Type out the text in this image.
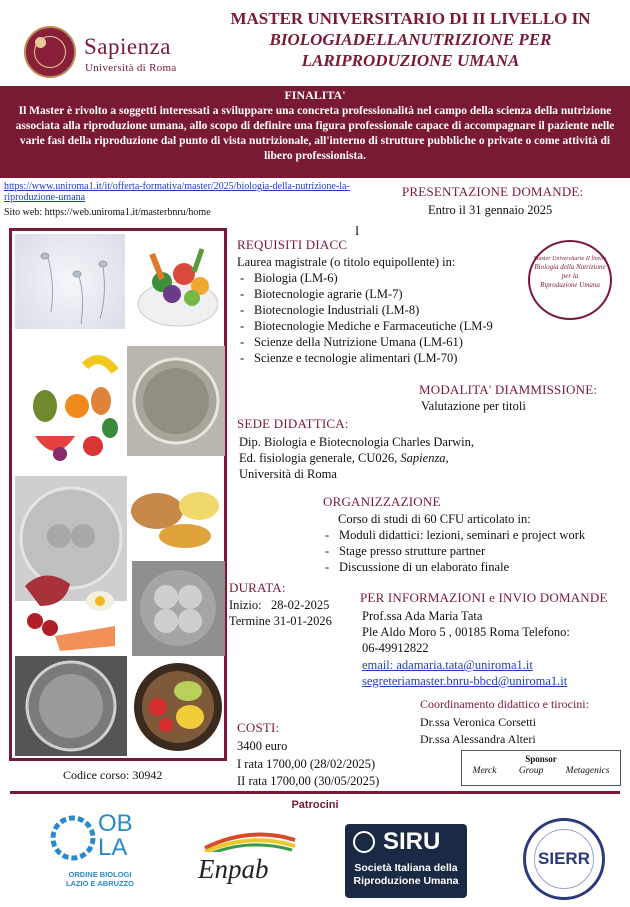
Sapienza
Università di Roma
MASTER UNIVERSITARIO DI II LIVELLO IN
BIOLOGIADELLANUTRIZIONE PER
LARIPRODUZIONE UMANA
FINALITA'
Il Master è rivolto a soggetti interessati a sviluppare una concreta professionalità nel campo della scienza della nutrizione associata alla riproduzione umana, allo scopo di definire una figura professionale capace di accompagnare il paziente nelle varie fasi della riproduzione dal punto di vista nutrizionale, all'interno di strutture pubbliche o private o come attività di libero professionista.
https://www.uniroma1.it/it/offerta-formativa/master/2025/biologia-della-nutrizione-la-riproduzione-umana
Sito web: https://web.uniroma1.it/masterbnru/home
PRESENTAZIONE DOMANDE:
Entro il 31 gennaio 2025
I
REQUISITI DIACC
Laurea magistrale (o titolo equipollente) in:
- Biologia (LM-6)
- Biotecnologie agrarie (LM-7)
- Biotecnologie Industriali (LM-8)
- Biotecnologie Mediche e Farmaceutiche (LM-9
- Scienze della Nutrizione Umana (LM-61)
- Scienze e tecnologie alimentari (LM-70)
Master Universitario II livello
Biologia della Nutrizione
per la
Riproduzione Umana
MODALITA' DIAMMISSIONE:
Valutazione per titoli
SEDE DIDATTICA:
Dip. Biologia e Biotecnologia Charles Darwin,
Ed. fisiologia generale, CU026, Sapienza,
Università di Roma
ORGANIZZAZIONE
Corso di studi di 60 CFU articolato in:
- Moduli didattici: lezioni, seminari e project work
- Stage presso strutture partner
- Discussione di un elaborato finale
DURATA:
Inizio: 28-02-2025
Termine 31-01-2026
PER INFORMAZIONI e INVIO DOMANDE
Prof.ssa Ada Maria Tata
Ple Aldo Moro 5 , 00185 Roma Telefono:
06-49912822
email: adamaria.tata@uniroma1.it
segreteriamaster.bnru-bbcd@uniroma1.it
Coordinamento didattico e tirocini:
Dr.ssa Veronica Corsetti
Dr.ssa Alessandra Alteri
COSTI:
3400 euro
I rata 1700,00 (28/02/2025)
II rata 1700,00 (30/05/2025)
Codice corso: 30942
Sponsor
Merck Group Metagenics
Patrocini
OB
LA
ORDINE BIOLOGI
LAZIO E ABRUZZO	Enpab
SIRU
Società Italiana della
Riproduzione Umana
SIERR
